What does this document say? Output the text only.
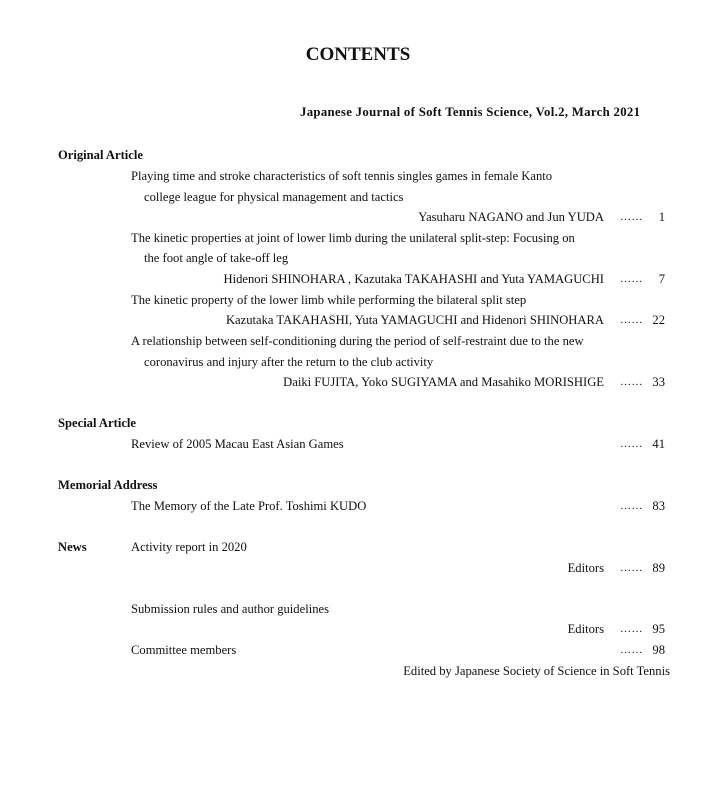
CONTENTS
Japanese Journal of Soft Tennis Science, Vol.2, March 2021
Original Article
Playing time and stroke characteristics of soft tennis singles games in female Kanto
college league for physical management and tactics
Yasuharu NAGANO and Jun YUDA ……	1
The kinetic properties at joint of lower limb during the unilateral split-step: Focusing on
the foot angle of take-off leg
Hidenori SHINOHARA , Kazutaka TAKAHASHI and Yuta YAMAGUCHI ……	7
The kinetic property of the lower limb while performing the bilateral split step
Kazutaka TAKAHASHI, Yuta YAMAGUCHI and Hidenori SHINOHARA …… 22
A relationship between self-conditioning during the period of self-restraint due to the new
coronavirus and injury after the return to the club activity
Daiki FUJITA, Yoko SUGIYAMA and Masahiko MORISHIGE …… 33
Special Article
Review of 2005 Macau East Asian Games	…… 41
Memorial Address
The Memory of the Late Prof. Toshimi KUDO	…… 83
News	Activity report in 2020
Editors …… 89
Submission rules and author guidelines
Editors …… 95
Committee members	…… 98
Edited by Japanese Society of Science in Soft Tennis
